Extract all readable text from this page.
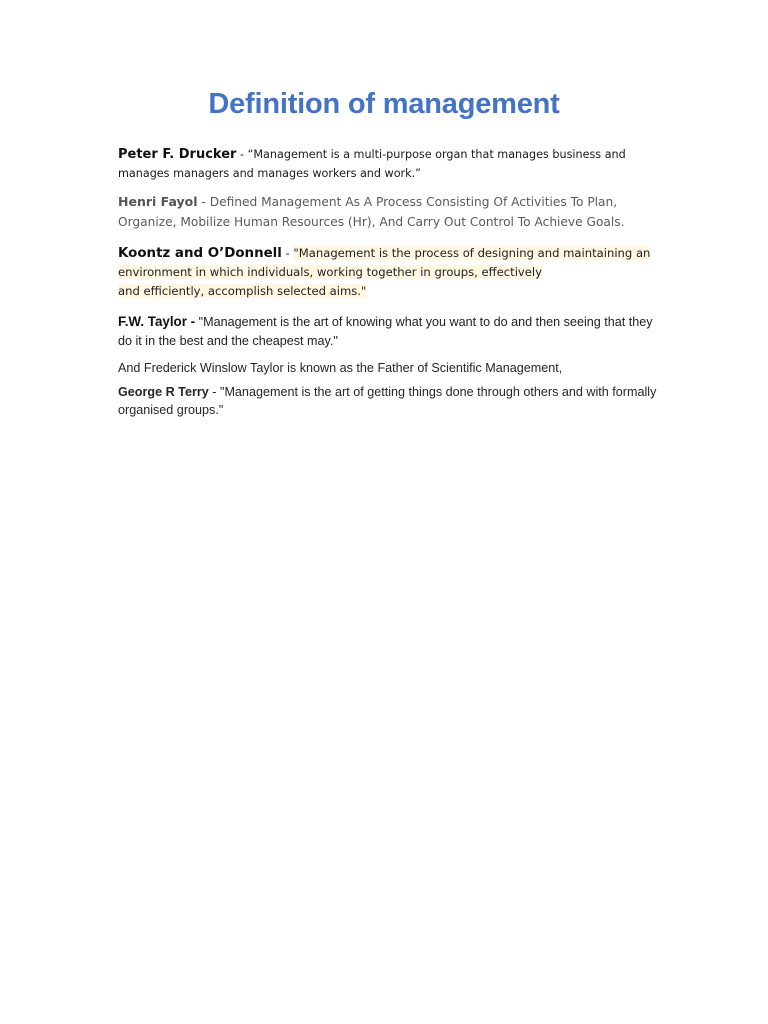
Definition of management

Peter F. Drucker - “Management is a multi-purpose organ that manages business and manages managers and manages workers and work.”

Henri Fayol - Defined Management As A Process Consisting Of Activities To Plan, Organize, Mobilize Human Resources (Hr), And Carry Out Control To Achieve Goals.

Koontz and O’Donnell - "Management is the process of designing and maintaining an
environment in which individuals, working together in groups, effectively
and efficiently, accomplish selected aims."

F.W. Taylor - "Management is the art of knowing what you want to do and then seeing that they do it in the best and the cheapest may."

And Frederick Winslow Taylor is known as the Father of Scientific Management,

George R Terry - "Management is the art of getting things done through others and with formally organised groups."
